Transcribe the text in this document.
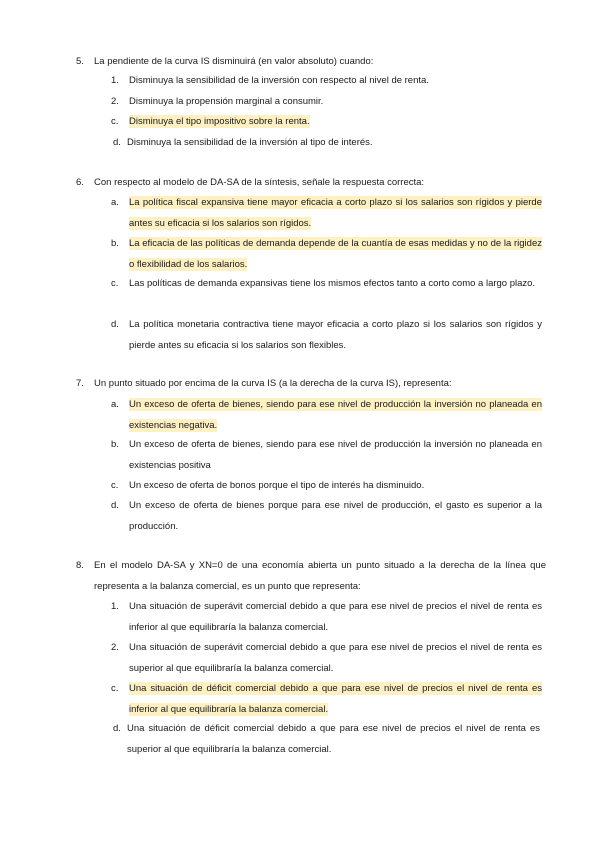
5. La pendiente de la curva IS disminuirá (en valor absoluto) cuando:
1.	Disminuya la sensibilidad de la inversión con respecto al nivel de renta.
2.	Disminuya la propensión marginal a consumir.
c.	Disminuya el tipo impositivo sobre la renta.
d. Disminuya la sensibilidad de la inversión al tipo de interés.
6. Con respecto al modelo de DA-SA de la síntesis, señale la respuesta correcta:
a.	La política fiscal expansiva tiene mayor eficacia a corto plazo si los salarios son rígidos y pierde antes su eficacia si los salarios son rígidos.
b.	La eficacia de las políticas de demanda depende de la cuantía de esas medidas y no de la rigidez o flexibilidad de los salarios.
c.	Las políticas de demanda expansivas tiene los mismos efectos tanto a corto como a largo plazo.
d.	La política monetaria contractiva tiene mayor eficacia a corto plazo si los salarios son rígidos y pierde antes su eficacia si los salarios son flexibles.
7. Un punto situado por encima de la curva IS (a la derecha de la curva IS), representa:
a.	Un exceso de oferta de bienes, siendo para ese nivel de producción la inversión no planeada en existencias negativa.
b.	Un exceso de oferta de bienes, siendo para ese nivel de producción la inversión no planeada en existencias positiva
c.	Un exceso de oferta de bonos porque el tipo de interés ha disminuido.
d.	Un exceso de oferta de bienes porque para ese nivel de producción, el gasto es superior a la producción.
8. En el modelo DA-SA y XN=0 de una economía abierta un punto situado a la derecha de la línea que representa a la balanza comercial, es un punto que representa:
1.	Una situación de superávit comercial debido a que para ese nivel de precios el nivel de renta es inferior al que equilibraría la balanza comercial.
2.	Una situación de superávit comercial debido a que para ese nivel de precios el nivel de renta es superior al que equilibraría la balanza comercial.
c.	Una situación de déficit comercial debido a que para ese nivel de precios el nivel de renta es inferior al que equilibraría la balanza comercial.
d. Una situación de déficit comercial debido a que para ese nivel de precios el nivel de renta es superior al que equilibraría la balanza comercial.
